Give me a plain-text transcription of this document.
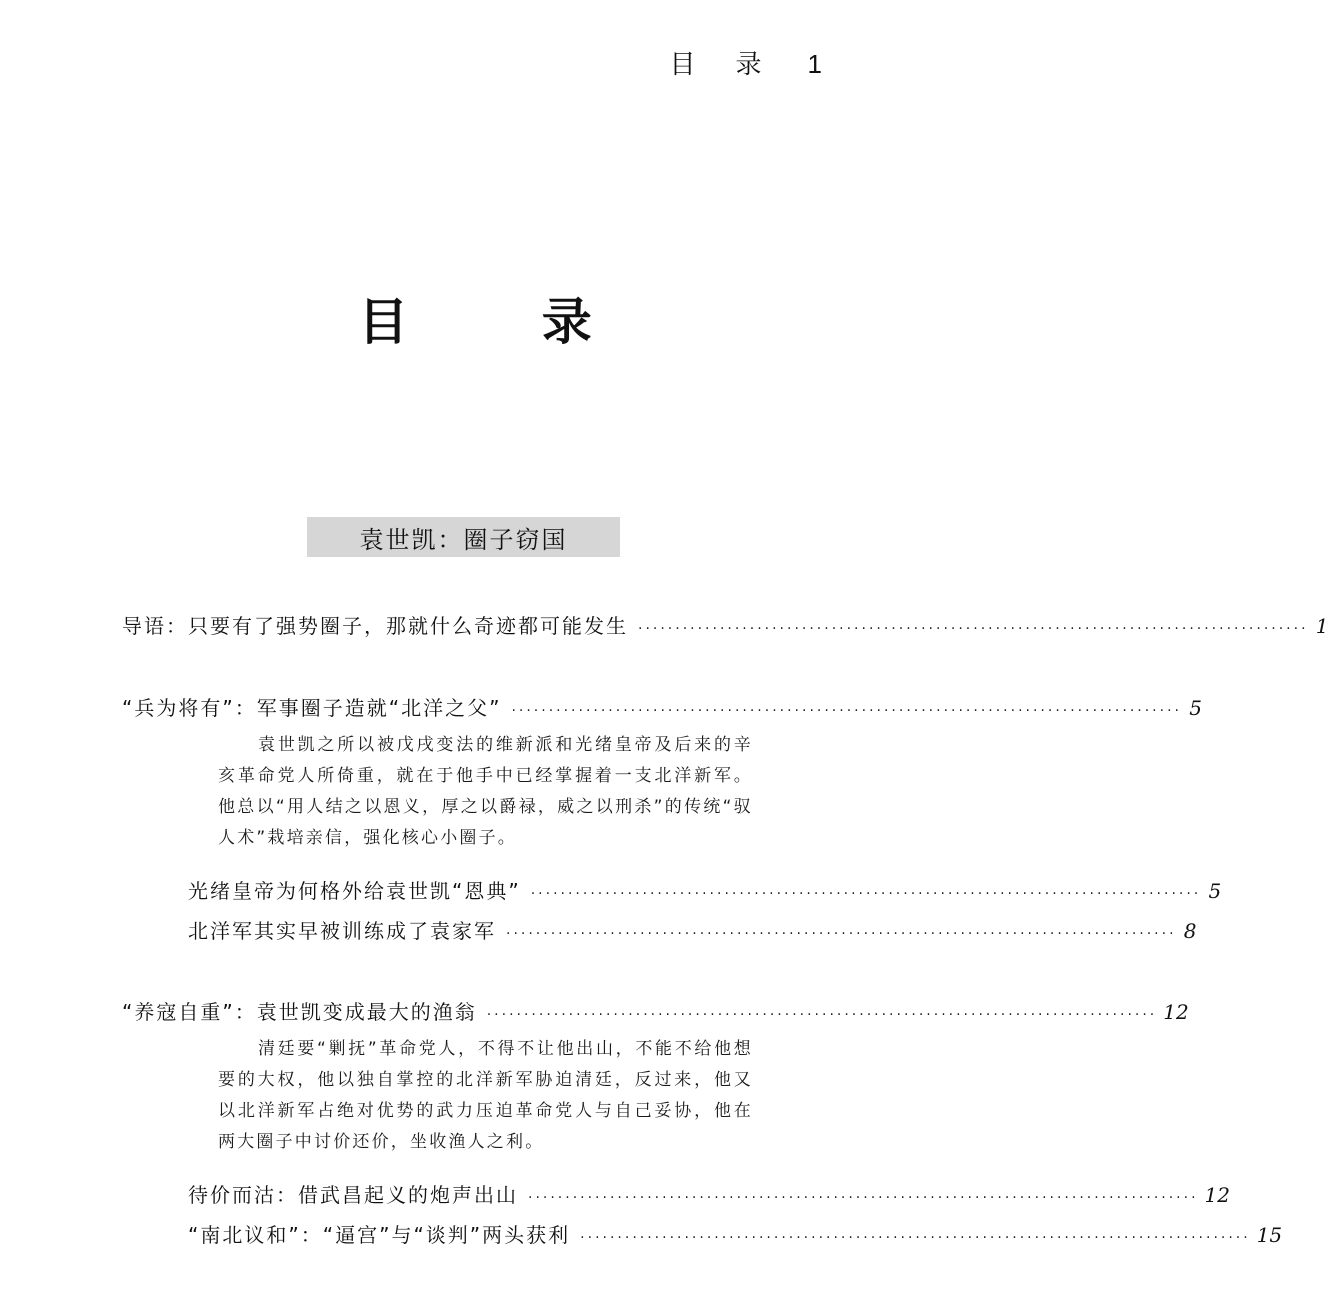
目录 1
目 录
袁世凯：圈子窃国
导语：只要有了强势圈子，那就什么奇迹都可能发生 ·························································································· 1
“兵为将有”：军事圈子造就“北洋之父” ·························································································· 5
袁世凯之所以被戊戌变法的维新派和光绪皇帝及后来的辛亥革命党人所倚重，就在于他手中已经掌握着一支北洋新军。他总以“用人结之以恩义，厚之以爵禄，威之以刑杀”的传统“驭人术”栽培亲信，强化核心小圈子。
光绪皇帝为何格外给袁世凯“恩典” ·························································································· 5
北洋军其实早被训练成了袁家军 ·························································································· 8
“养寇自重”：袁世凯变成最大的渔翁 ·························································································· 12
清廷要“剿抚”革命党人，不得不让他出山，不能不给他想要的大权，他以独自掌控的北洋新军胁迫清廷，反过来，他又以北洋新军占绝对优势的武力压迫革命党人与自己妥协，他在两大圈子中讨价还价，坐收渔人之利。
待价而沽：借武昌起义的炮声出山 ·························································································· 12
“南北议和”：“逼宫”与“谈判”两头获利 ·························································································· 15
